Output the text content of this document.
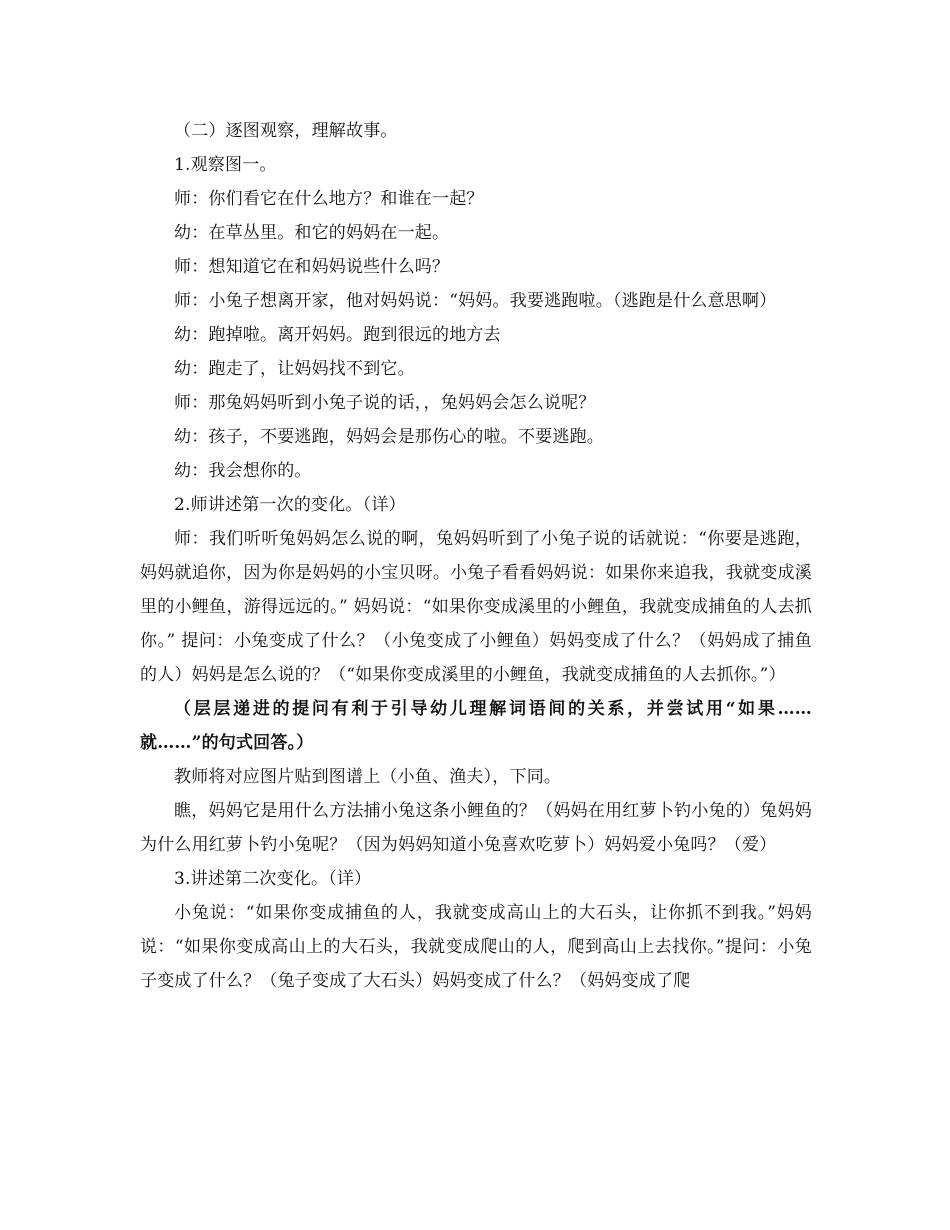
（二）逐图观察，理解故事。

1.观察图一。

师：你们看它在什么地方？和谁在一起？

幼：在草丛里。和它的妈妈在一起。

师：想知道它在和妈妈说些什么吗？

师：小兔子想离开家，他对妈妈说：“妈妈。我要逃跑啦。（逃跑是什么意思啊）

幼：跑掉啦。离开妈妈。跑到很远的地方去

幼：跑走了，让妈妈找不到它。

师：那兔妈妈听到小兔子说的话，，兔妈妈会怎么说呢？

幼：孩子，不要逃跑，妈妈会是那伤心的啦。不要逃跑。

幼：我会想你的。

2.师讲述第一次的变化。（详）

师：我们听听兔妈妈怎么说的啊，兔妈妈听到了小兔子说的话就说：“你要是逃跑，妈妈就追你，因为你是妈妈的小宝贝呀。小兔子看看妈妈说：如果你来追我，我就变成溪里的小鲤鱼，游得远远的。” 妈妈说：“如果你变成溪里的小鲤鱼，我就变成捕鱼的人去抓你。” 提问：小兔变成了什么？（小兔变成了小鲤鱼）妈妈变成了什么？（妈妈成了捕鱼的人）妈妈是怎么说的？（“如果你变成溪里的小鲤鱼，我就变成捕鱼的人去抓你。”）

（层层递进的提问有利于引导幼儿理解词语间的关系，并尝试用“如果……就……”的句式回答。）

教师将对应图片贴到图谱上（小鱼、渔夫），下同。

瞧，妈妈它是用什么方法捕小兔这条小鲤鱼的？（妈妈在用红萝卜钓小兔的）兔妈妈为什么用红萝卜钓小兔呢？（因为妈妈知道小兔喜欢吃萝卜）妈妈爱小兔吗？（爱）

3.讲述第二次变化。（详）

小兔说：“如果你变成捕鱼的人，我就变成高山上的大石头，让你抓不到我。”妈妈说：“如果你变成高山上的大石头，我就变成爬山的人，爬到高山上去找你。”提问：小兔子变成了什么？（兔子变成了大石头）妈妈变成了什么？（妈妈变成了爬
